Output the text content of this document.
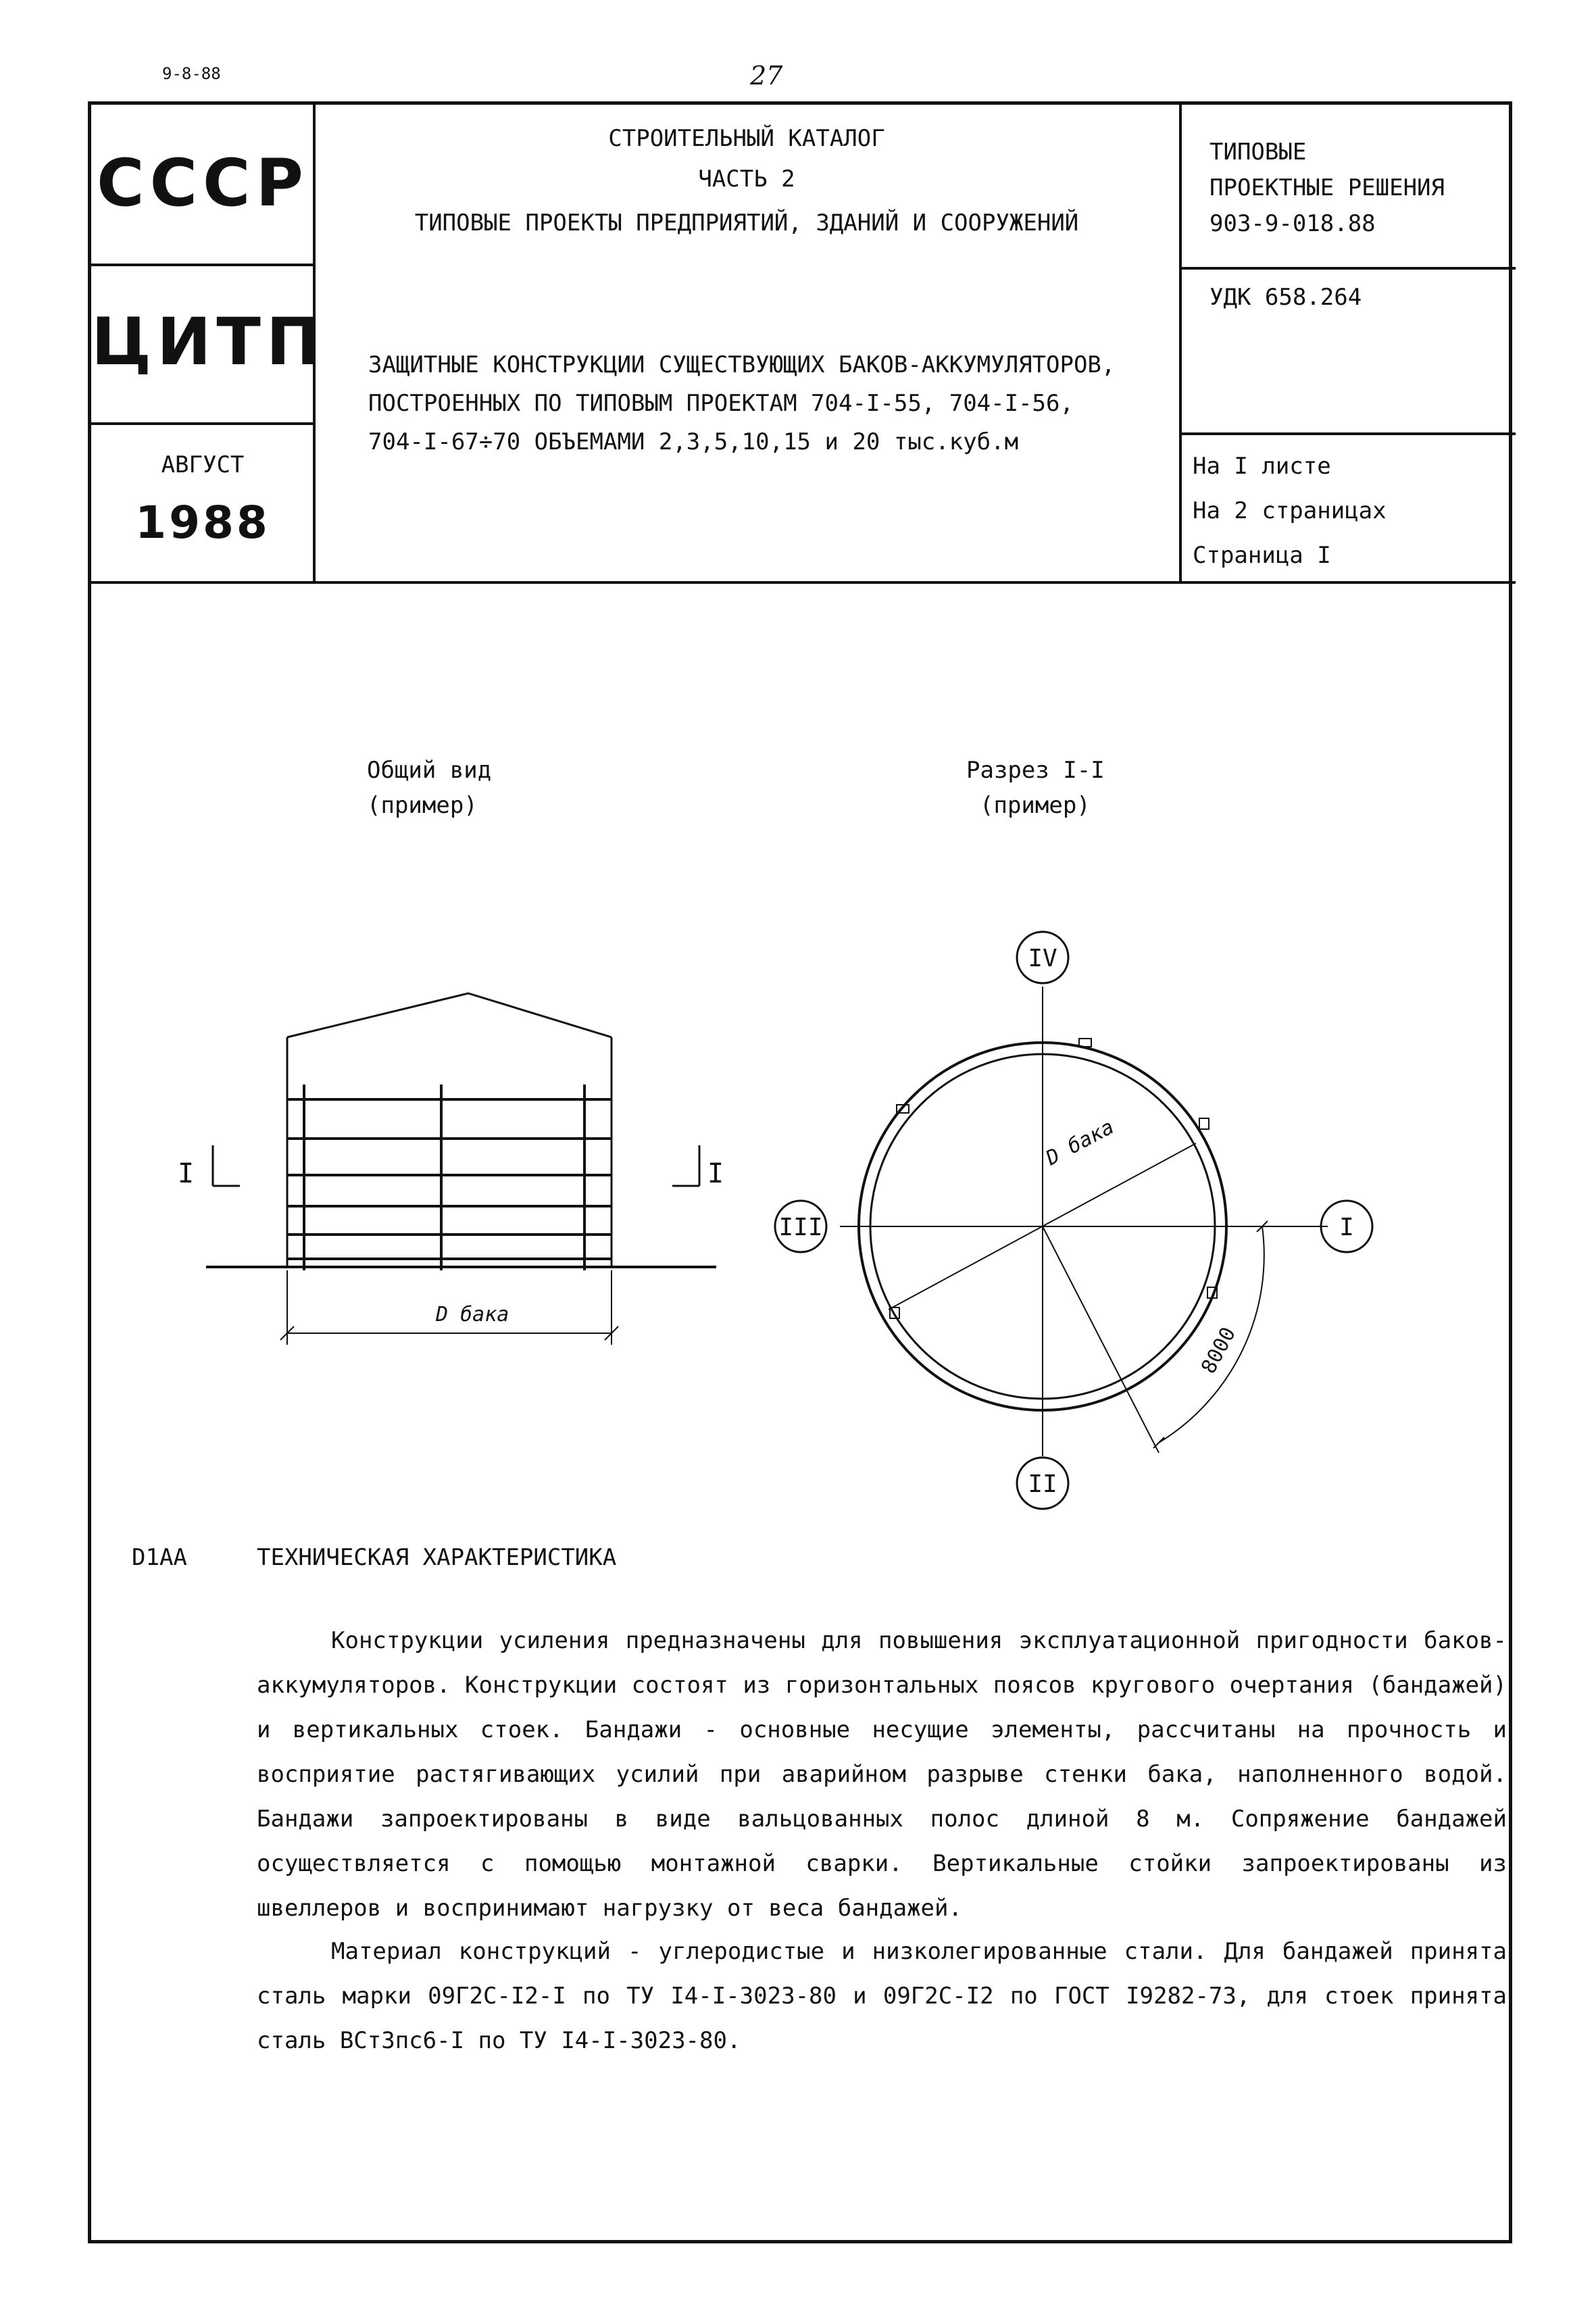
9-8-88	27
СССР
ЦИТП
АВГУСТ
1988
СТРОИТЕЛЬНЫЙ КАТАЛОГ
ЧАСТЬ 2
ТИПОВЫЕ ПРОЕКТЫ ПРЕДПРИЯТИЙ, ЗДАНИЙ И СООРУЖЕНИЙ
ЗАЩИТНЫЕ КОНСТРУКЦИИ СУЩЕСТВУЮЩИХ БАКОВ-АККУМУЛЯТОРОВ,
ПОСТРОЕННЫХ ПО ТИПОВЫМ ПРОЕКТАМ 704-I-55, 704-I-56,
704-I-67÷70 ОБЪЕМАМИ 2,3,5,10,15 и 20 тыс.куб.м
ТИПОВЫЕ
ПРОЕКТНЫЕ РЕШЕНИЯ
903-9-018.88
УДК 658.264
На I листе
На 2 страницах
Страница I
Общий вид
(пример)
Разрез I-I
(пример)
D бака
I	I
IV
III	I
II
D бака
8000
D1AA	ТЕХНИЧЕСКАЯ ХАРАКТЕРИСТИКА

Конструкции усиления предназначены для повышения эксплуатационной пригодности баков-аккумуляторов. Конструкции состоят из горизонтальных поясов кругового очертания (бандажей) и вертикальных стоек. Бандажи - основные несущие элементы, рассчитаны на прочность и восприятие растягивающих усилий при аварийном разрыве стенки бака, наполненного водой. Бандажи запроектированы в виде вальцованных полос длиной 8 м. Сопряжение бандажей осуществляется с помощью монтажной сварки. Вертикальные стойки запроектированы из швеллеров и воспринимают нагрузку от веса бандажей.

Материал конструкций - углеродистые и низколегированные стали. Для бандажей принята сталь марки 09Г2С-I2-I по ТУ I4-I-3023-80 и 09Г2С-I2 по ГОСТ I9282-73, для стоек принята сталь ВСт3пс6-I по ТУ I4-I-3023-80.
